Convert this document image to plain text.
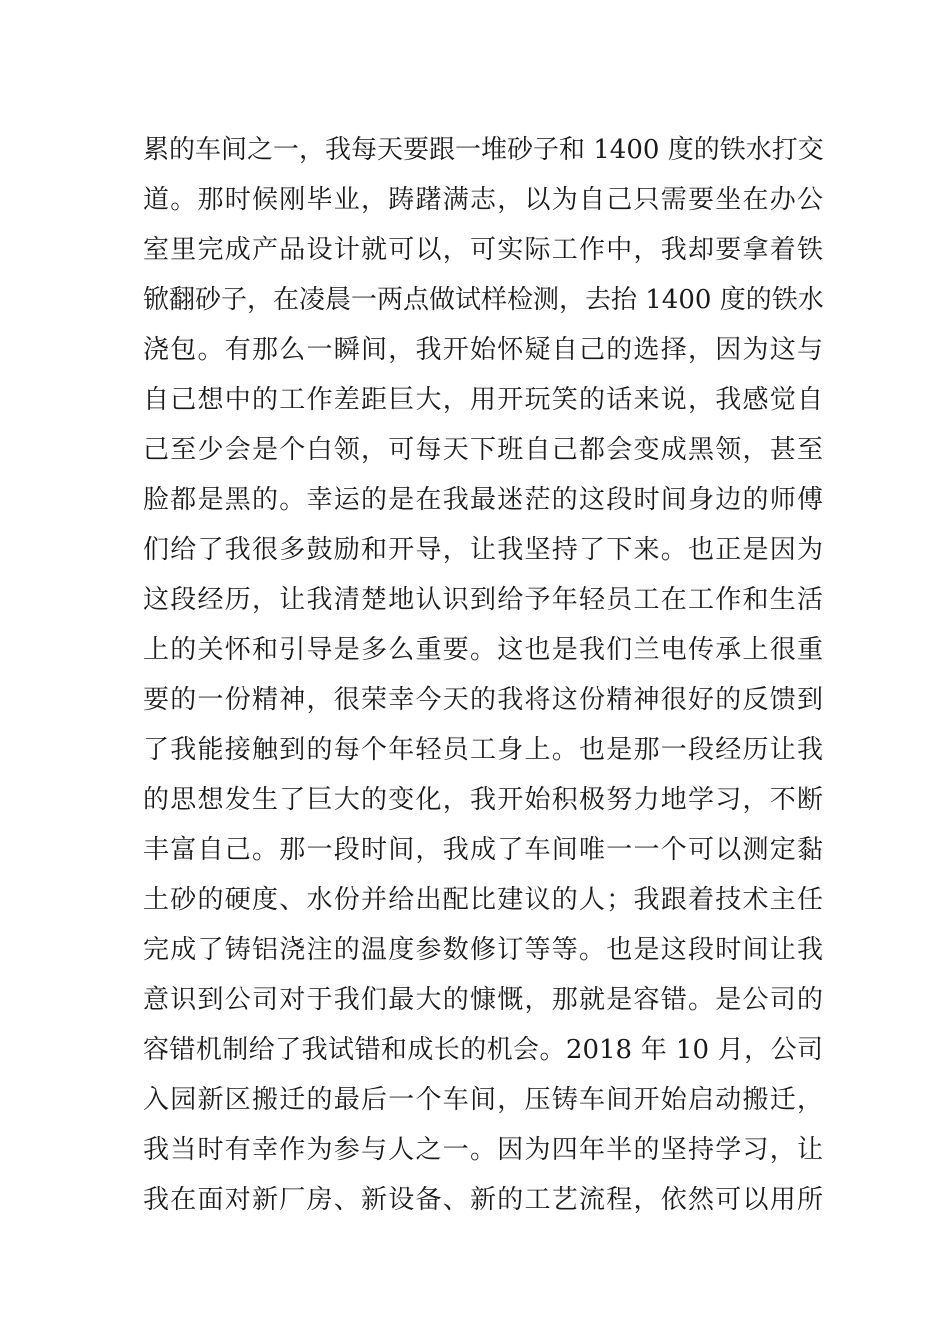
累的车间之一，我每天要跟一堆砂子和 1400 度的铁水打交
道。那时候刚毕业，踌躇满志，以为自己只需要坐在办公
室里完成产品设计就可以，可实际工作中，我却要拿着铁
锨翻砂子，在凌晨一两点做试样检测，去抬 1400 度的铁水
浇包。有那么一瞬间，我开始怀疑自己的选择，因为这与
自己想中的工作差距巨大，用开玩笑的话来说，我感觉自
己至少会是个白领，可每天下班自己都会变成黑领，甚至
脸都是黑的。幸运的是在我最迷茫的这段时间身边的师傅
们给了我很多鼓励和开导，让我坚持了下来。也正是因为
这段经历，让我清楚地认识到给予年轻员工在工作和生活
上的关怀和引导是多么重要。这也是我们兰电传承上很重
要的一份精神，很荣幸今天的我将这份精神很好的反馈到
了我能接触到的每个年轻员工身上。也是那一段经历让我
的思想发生了巨大的变化，我开始积极努力地学习，不断
丰富自己。那一段时间，我成了车间唯一一个可以测定黏
土砂的硬度、水份并给出配比建议的人；我跟着技术主任
完成了铸铝浇注的温度参数修订等等。也是这段时间让我
意识到公司对于我们最大的慷慨，那就是容错。是公司的
容错机制给了我试错和成长的机会。2018 年 10 月，公司
入园新区搬迁的最后一个车间，压铸车间开始启动搬迁，
我当时有幸作为参与人之一。因为四年半的坚持学习，让
我在面对新厂房、新设备、新的工艺流程，依然可以用所
